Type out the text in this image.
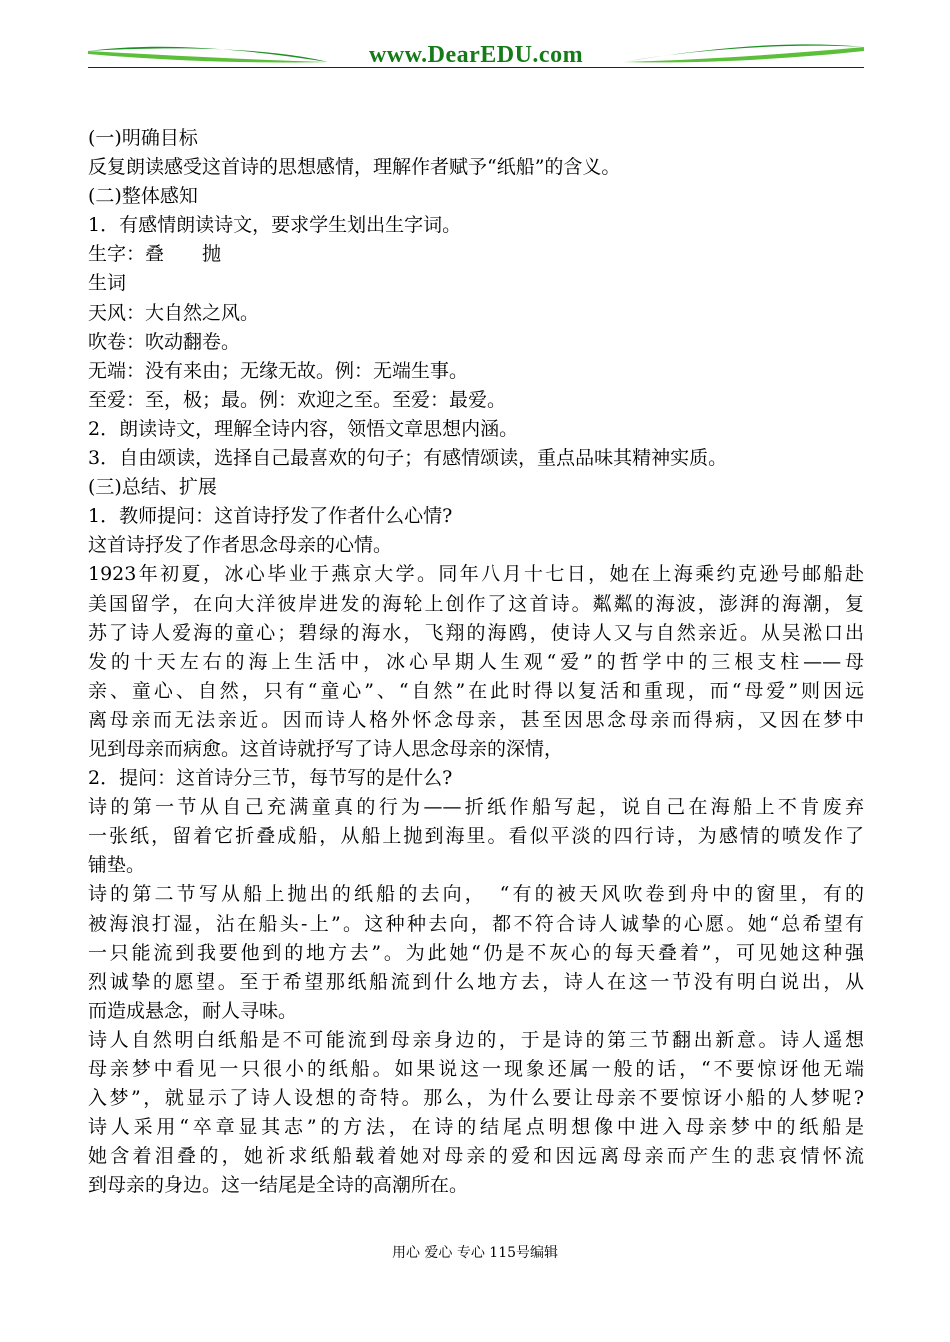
www.DearEDU.com
(一)明确目标
反复朗读感受这首诗的思想感情，理解作者赋予“纸船”的含义。
(二)整体感知
1．有感情朗读诗文，要求学生划出生字词。
生字：叠　　抛
生词
天风：大自然之风。
吹卷：吹动翻卷。
无端：没有来由；无缘无故。例：无端生事。
至爱：至，极；最。例：欢迎之至。至爱：最爱。
2．朗读诗文，理解全诗内容，领悟文章思想内涵。
3．自由颂读，选择自己最喜欢的句子；有感情颂读，重点品味其精神实质。
(三)总结、扩展
1．教师提问：这首诗抒发了作者什么心情?
这首诗抒发了作者思念母亲的心情。
1923年初夏，冰心毕业于燕京大学。同年八月十七日，她在上海乘约克逊号邮船赴
美国留学，在向大洋彼岸进发的海轮上创作了这首诗。粼粼的海波，澎湃的海潮，复
苏了诗人爱海的童心；碧绿的海水，飞翔的海鸥，使诗人又与自然亲近。从吴淞口出
发的十天左右的海上生活中，冰心早期人生观“爱”的哲学中的三根支柱——母
亲、童心、自然，只有“童心”、“自然”在此时得以复活和重现，而“母爱”则因远
离母亲而无法亲近。因而诗人格外怀念母亲，甚至因思念母亲而得病，又因在梦中
见到母亲而病愈。这首诗就抒写了诗人思念母亲的深情，
2．提问：这首诗分三节，每节写的是什么?
诗的第一节从自己充满童真的行为——折纸作船写起，说自己在海船上不肯废弃
一张纸，留着它折叠成船，从船上抛到海里。看似平淡的四行诗，为感情的喷发作了
铺垫。
诗的第二节写从船上抛出的纸船的去向，　“有的被天风吹卷到舟中的窗里，有的
被海浪打湿，沾在船头-上”。这种种去向，都不符合诗人诚挚的心愿。她“总希望有
一只能流到我要他到的地方去”。为此她“仍是不灰心的每天叠着”，可见她这种强
烈诚挚的愿望。至于希望那纸船流到什么地方去，诗人在这一节没有明白说出，从
而造成悬念，耐人寻味。
诗人自然明白纸船是不可能流到母亲身边的，于是诗的第三节翻出新意。诗人遥想
母亲梦中看见一只很小的纸船。如果说这一现象还属一般的话，“不要惊讶他无端
入梦”，就显示了诗人设想的奇特。那么，为什么要让母亲不要惊讶小船的人梦呢?
诗人采用“卒章显其志”的方法，在诗的结尾点明想像中进入母亲梦中的纸船是
她含着泪叠的，她祈求纸船载着她对母亲的爱和因远离母亲而产生的悲哀情怀流
到母亲的身边。这一结尾是全诗的高潮所在。
用心 爱心 专心 115号编辑
